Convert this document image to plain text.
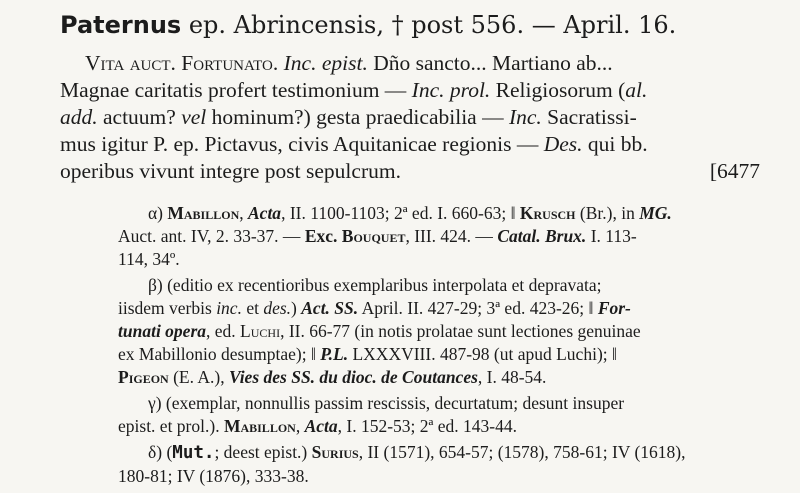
Paternus ep. Abrincensis, † post 556. — April. 16.
Vita auct. Fortunato. Inc. epist. Dño sancto... Martiano ab...
Magnae caritatis profert testimonium — Inc. prol. Religiosorum (al.
add. actuum? vel hominum?) gesta praedicabilia — Inc. Sacratissi-
mus igitur P. ep. Pictavus, civis Aquitanicae regionis — Des. qui bb.
operibus vivunt integre post sepulcrum.	[6477
α) Mabillon, Acta, II. 1100-1103; 2ª ed. I. 660-63; ‖ Krusch (Br.), in MG.
Auct. ant. IV, 2. 33-37. — Exc. Bouquet, III. 424. — Catal. Brux. I. 113-
114, 34º.
β) (editio ex recentioribus exemplaribus interpolata et depravata;
iisdem verbis inc. et des.) Act. SS. April. II. 427-29; 3ª ed. 423-26; ‖ For-
tunati opera, ed. Luchi, II. 66-77 (in notis prolatae sunt lectiones genuinae
ex Mabillonio desumptae); ‖ P.L. LXXXVIII. 487-98 (ut apud Luchi); ‖
Pigeon (E. A.), Vies des SS. du dioc. de Coutances, I. 48-54.
γ) (exemplar, nonnullis passim rescissis, decurtatum; desunt insuper
epist. et prol.). Mabillon, Acta, I. 152-53; 2ª ed. 143-44.
δ) (Mut.; deest epist.) Surius, II (1571), 654-57; (1578), 758-61; IV (1618),
180-81; IV (1876), 333-38.
